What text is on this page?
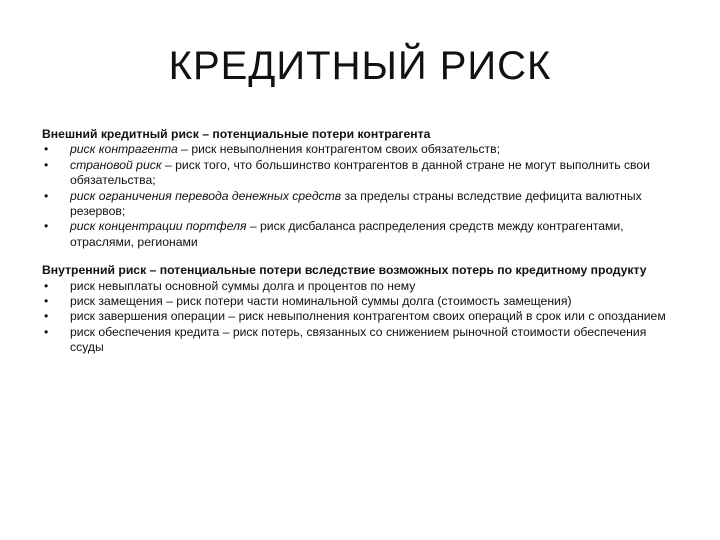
КРЕДИТНЫЙ РИСК

Внешний кредитный риск – потенциальные потери контрагента

• риск контрагента – риск невыполнения контрагентом своих обязательств;
• страновой риск – риск того, что большинство контрагентов в данной стране не могут выполнить свои обязательства;
• риск ограничения перевода денежных средств за пределы страны вследствие дефицита валютных резервов;
• риск концентрации портфеля – риск дисбаланса распределения средств между контрагентами, отраслями, регионами

Внутренний риск – потенциальные потери вследствие возможных потерь по кредитному продукту

• риск невыплаты основной суммы долга и процентов по нему
• риск замещения – риск потери части номинальной суммы долга (стоимость замещения)
• риск завершения операции – риск невыполнения контрагентом своих операций в срок или с опозданием
• риск обеспечения кредита – риск потерь, связанных со снижением рыночной стоимости обеспечения ссуды
